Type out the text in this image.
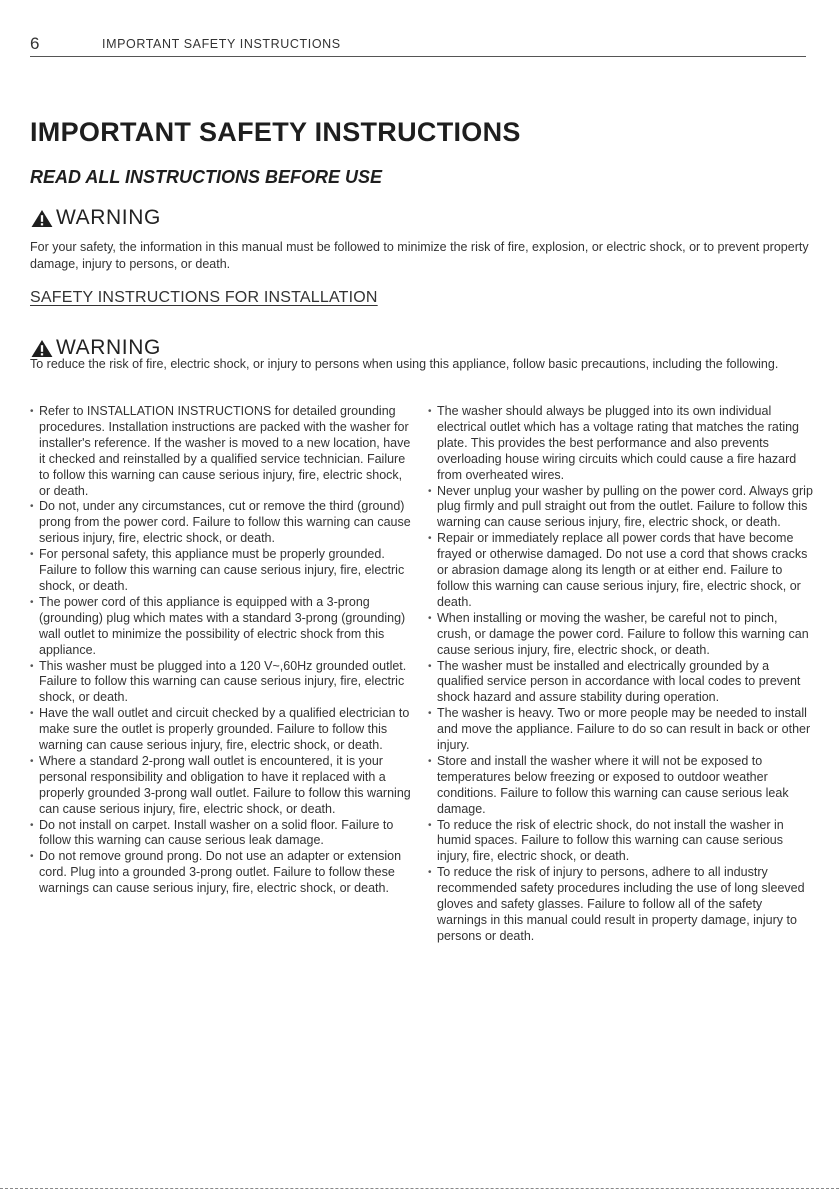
6	IMPORTANT SAFETY INSTRUCTIONS
IMPORTANT SAFETY INSTRUCTIONS
READ ALL INSTRUCTIONS BEFORE USE
WARNING

For your safety, the information in this manual must be followed to minimize the risk of fire, explosion, or electric shock, or to prevent property damage, injury to persons, or death.

SAFETY INSTRUCTIONS FOR INSTALLATION
WARNING

To reduce the risk of fire, electric shock, or injury to persons when using this appliance, follow basic precautions, including the following.

• Refer to INSTALLATION INSTRUCTIONS for detailed grounding procedures. Installation instructions are packed with the washer for installer's reference. If the washer is moved to a new location, have it checked and reinstalled by a qualified service technician. Failure to follow this warning can cause serious injury, fire, electric shock, or death.
• Do not, under any circumstances, cut or remove the third (ground) prong from the power cord. Failure to follow this warning can cause serious injury, fire, electric shock, or death.
• For personal safety, this appliance must be properly grounded. Failure to follow this warning can cause serious injury, fire, electric shock, or death.
• The power cord of this appliance is equipped with a 3-prong (grounding) plug which mates with a standard 3-prong (grounding) wall outlet to minimize the possibility of electric shock from this appliance.
• This washer must be plugged into a 120 V~,60Hz grounded outlet. Failure to follow this warning can cause serious injury, fire, electric shock, or death.
• Have the wall outlet and circuit checked by a qualified electrician to make sure the outlet is properly grounded. Failure to follow this warning can cause serious injury, fire, electric shock, or death.
• Where a standard 2-prong wall outlet is encountered, it is your personal responsibility and obligation to have it replaced with a properly grounded 3-prong wall outlet. Failure to follow this warning can cause serious injury, fire, electric shock, or death.
• Do not install on carpet. Install washer on a solid floor. Failure to follow this warning can cause serious leak damage.
• Do not remove ground prong. Do not use an adapter or extension cord. Plug into a grounded 3-prong outlet. Failure to follow these warnings can cause serious injury, fire, electric shock, or death.
• The washer should always be plugged into its own individual electrical outlet which has a voltage rating that matches the rating plate. This provides the best performance and also prevents overloading house wiring circuits which could cause a fire hazard from overheated wires.
• Never unplug your washer by pulling on the power cord. Always grip plug firmly and pull straight out from the outlet. Failure to follow this warning can cause serious injury, fire, electric shock, or death.
• Repair or immediately replace all power cords that have become frayed or otherwise damaged. Do not use a cord that shows cracks or abrasion damage along its length or at either end. Failure to follow this warning can cause serious injury, fire, electric shock, or death.
• When installing or moving the washer, be careful not to pinch, crush, or damage the power cord. Failure to follow this warning can cause serious injury, fire, electric shock, or death.
• The washer must be installed and electrically grounded by a qualified service person in accordance with local codes to prevent shock hazard and assure stability during operation.
• The washer is heavy. Two or more people may be needed to install and move the appliance. Failure to do so can result in back or other injury.
• Store and install the washer where it will not be exposed to temperatures below freezing or exposed to outdoor weather conditions. Failure to follow this warning can cause serious leak damage.
• To reduce the risk of electric shock, do not install the washer in humid spaces. Failure to follow this warning can cause serious injury, fire, electric shock, or death.
• To reduce the risk of injury to persons, adhere to all industry recommended safety procedures including the use of long sleeved gloves and safety glasses. Failure to follow all of the safety warnings in this manual could result in property damage, injury to persons or death.
